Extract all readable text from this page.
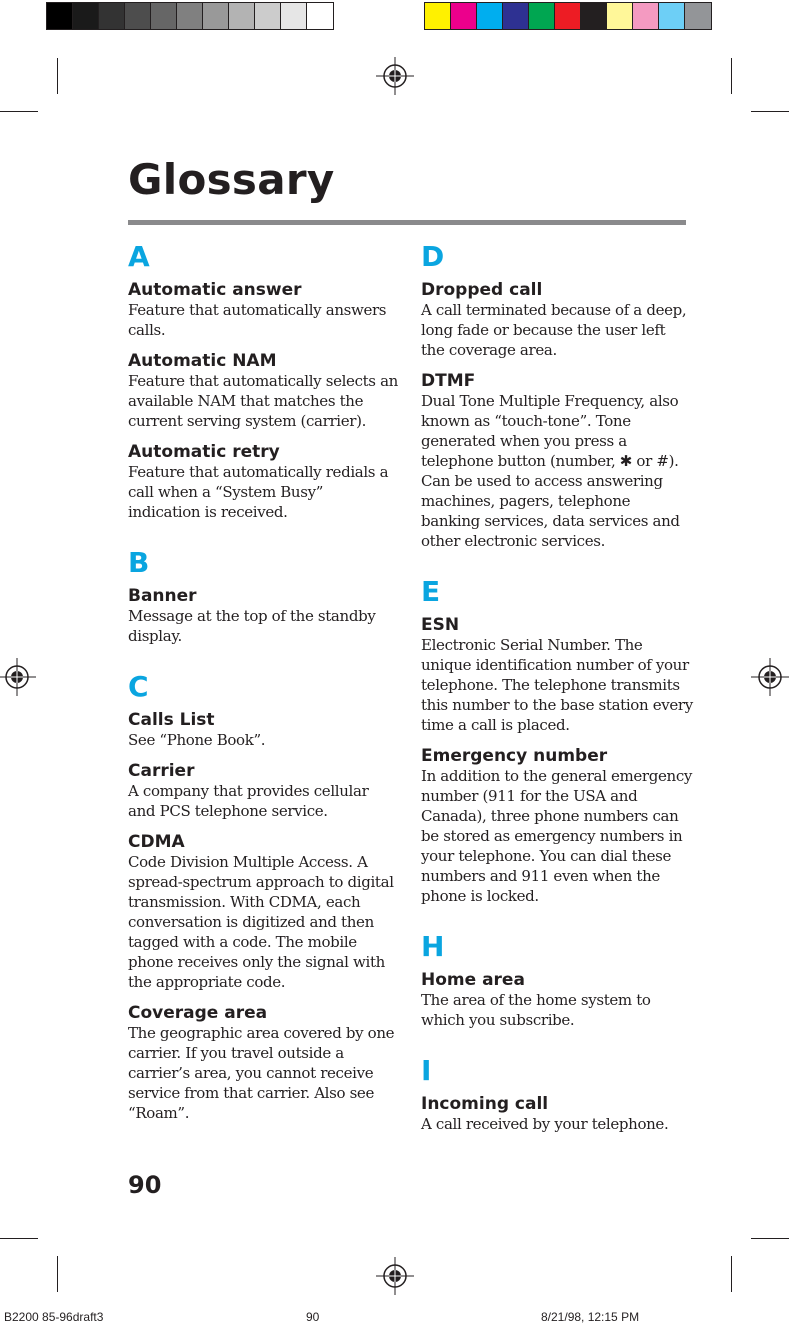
Glossary
A
Automatic answer
Feature that automatically answers calls.
Automatic NAM
Feature that automatically selects an available NAM that matches the current serving system (carrier).
Automatic retry
Feature that automatically redials a call when a “System Busy” indication is received.
B
Banner
Message at the top of the standby display.
C
Calls List
See “Phone Book”.
Carrier
A company that provides cellular and PCS telephone service.
CDMA
Code Division Multiple Access. A spread-spectrum approach to digital transmission. With CDMA, each conversation is digitized and then tagged with a code. The mobile phone receives only the signal with the appropriate code.
Coverage area
The geographic area covered by one carrier. If you travel outside a carrier’s area, you cannot receive service from that carrier. Also see “Roam”.
D
Dropped call
A call terminated because of a deep, long fade or because the user left the coverage area.
DTMF
Dual Tone Multiple Frequency, also known as “touch-tone”. Tone generated when you press a telephone button (number, ✱ or #). Can be used to access answering machines, pagers, telephone banking services, data services and other electronic services.
E
ESN
Electronic Serial Number. The unique identification number of your telephone. The telephone transmits this number to the base station every time a call is placed.
Emergency number
In addition to the general emergency number (911 for the USA and Canada), three phone numbers can be stored as emergency numbers in your telephone. You can dial these numbers and 911 even when the phone is locked.
H
Home area
The area of the home system to which you subscribe.
I
Incoming call
A call received by your telephone.
90
B2200 85-96draft3	90	8/21/98, 12:15 PM
